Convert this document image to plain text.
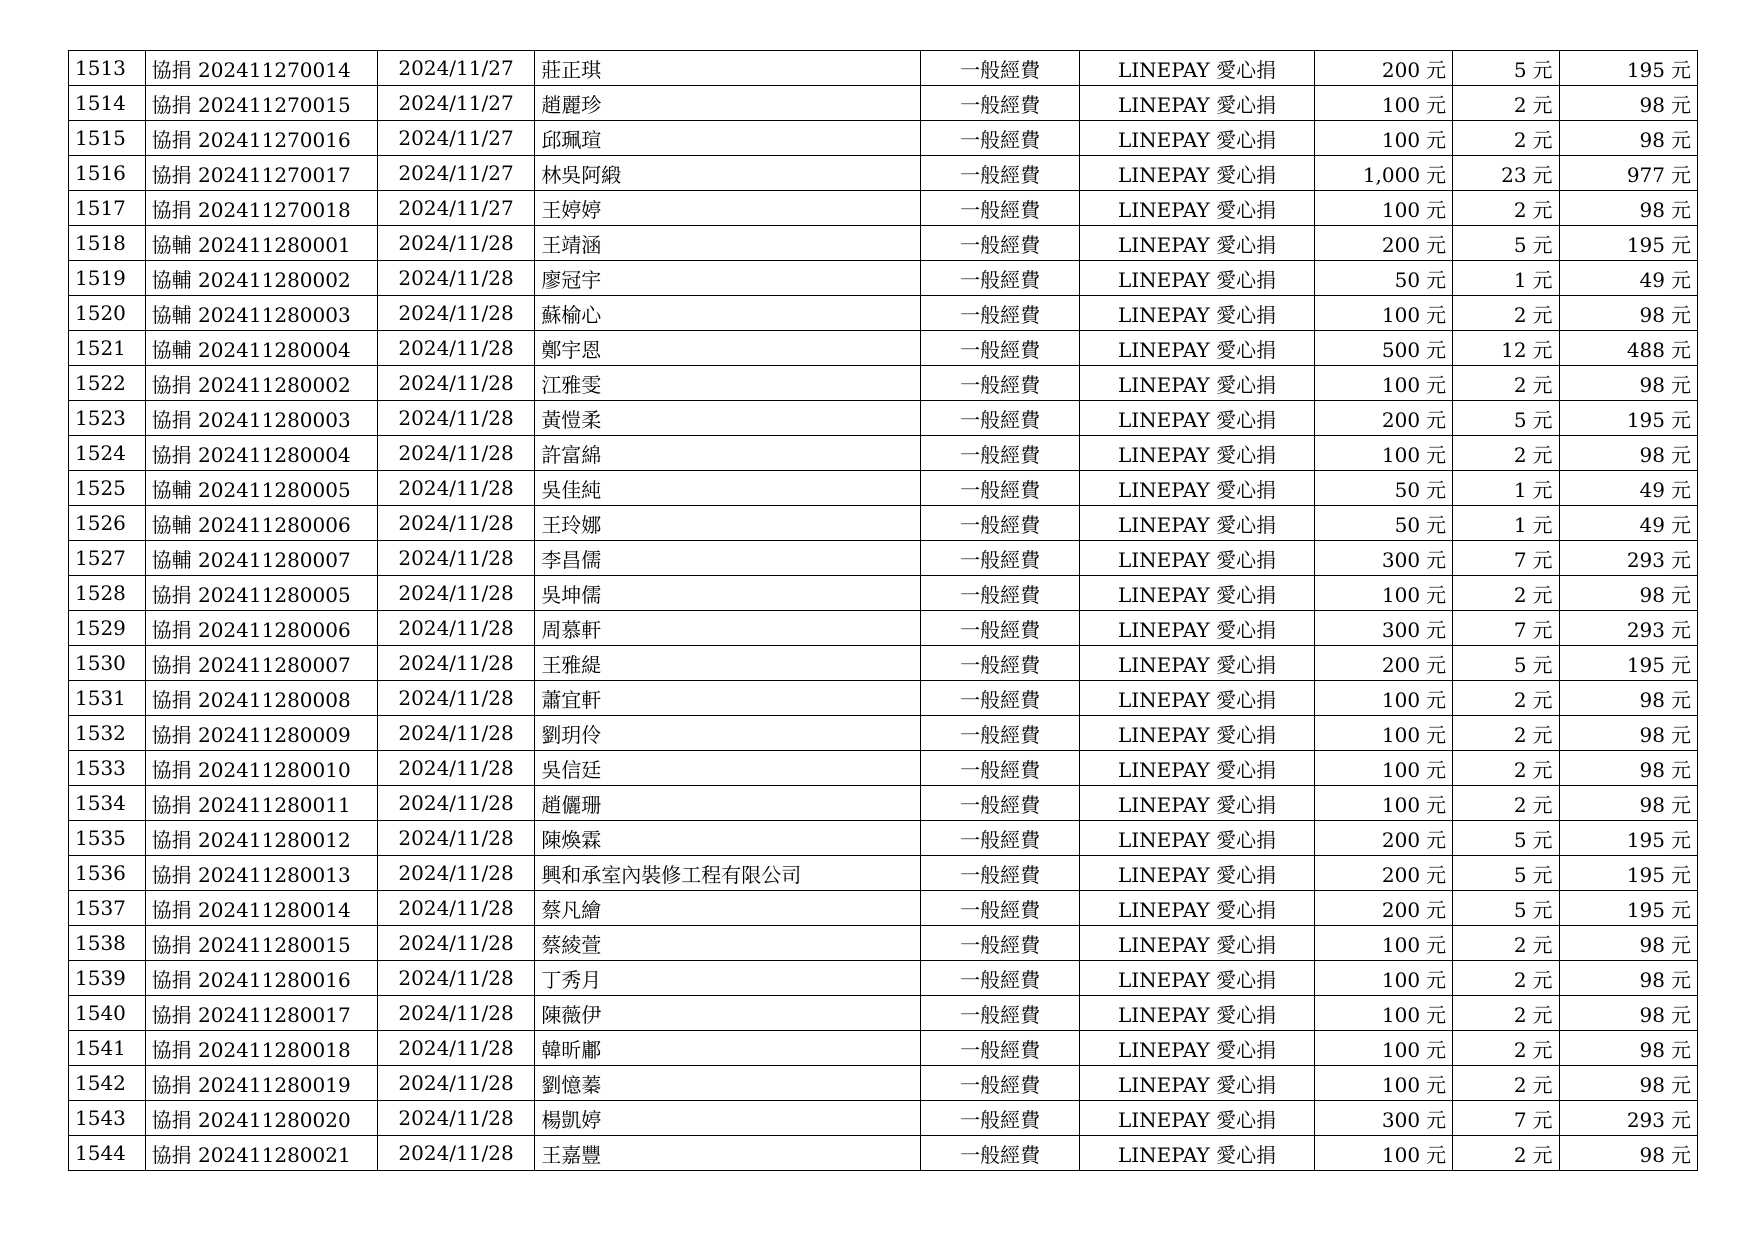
1513	協捐 202411270014	2024/11/27	莊正琪	一般經費	LINEPAY 愛心捐	200 元	5 元	195 元
1514	協捐 202411270015	2024/11/27	趙麗珍	一般經費	LINEPAY 愛心捐	100 元	2 元	98 元
1515	協捐 202411270016	2024/11/27	邱珮瑄	一般經費	LINEPAY 愛心捐	100 元	2 元	98 元
1516	協捐 202411270017	2024/11/27	林吳阿緞	一般經費	LINEPAY 愛心捐	1,000 元	23 元	977 元
1517	協捐 202411270018	2024/11/27	王婷婷	一般經費	LINEPAY 愛心捐	100 元	2 元	98 元
1518	協輔 202411280001	2024/11/28	王靖涵	一般經費	LINEPAY 愛心捐	200 元	5 元	195 元
1519	協輔 202411280002	2024/11/28	廖冠宇	一般經費	LINEPAY 愛心捐	50 元	1 元	49 元
1520	協輔 202411280003	2024/11/28	蘇榆心	一般經費	LINEPAY 愛心捐	100 元	2 元	98 元
1521	協輔 202411280004	2024/11/28	鄭宇恩	一般經費	LINEPAY 愛心捐	500 元	12 元	488 元
1522	協捐 202411280002	2024/11/28	江雅雯	一般經費	LINEPAY 愛心捐	100 元	2 元	98 元
1523	協捐 202411280003	2024/11/28	黃愷柔	一般經費	LINEPAY 愛心捐	200 元	5 元	195 元
1524	協捐 202411280004	2024/11/28	許富綿	一般經費	LINEPAY 愛心捐	100 元	2 元	98 元
1525	協輔 202411280005	2024/11/28	吳佳純	一般經費	LINEPAY 愛心捐	50 元	1 元	49 元
1526	協輔 202411280006	2024/11/28	王玲娜	一般經費	LINEPAY 愛心捐	50 元	1 元	49 元
1527	協輔 202411280007	2024/11/28	李昌儒	一般經費	LINEPAY 愛心捐	300 元	7 元	293 元
1528	協捐 202411280005	2024/11/28	吳坤儒	一般經費	LINEPAY 愛心捐	100 元	2 元	98 元
1529	協捐 202411280006	2024/11/28	周慕軒	一般經費	LINEPAY 愛心捐	300 元	7 元	293 元
1530	協捐 202411280007	2024/11/28	王雅緹	一般經費	LINEPAY 愛心捐	200 元	5 元	195 元
1531	協捐 202411280008	2024/11/28	蕭宜軒	一般經費	LINEPAY 愛心捐	100 元	2 元	98 元
1532	協捐 202411280009	2024/11/28	劉玥伶	一般經費	LINEPAY 愛心捐	100 元	2 元	98 元
1533	協捐 202411280010	2024/11/28	吳信廷	一般經費	LINEPAY 愛心捐	100 元	2 元	98 元
1534	協捐 202411280011	2024/11/28	趙儷珊	一般經費	LINEPAY 愛心捐	100 元	2 元	98 元
1535	協捐 202411280012	2024/11/28	陳煥霖	一般經費	LINEPAY 愛心捐	200 元	5 元	195 元
1536	協捐 202411280013	2024/11/28	興和承室內裝修工程有限公司	一般經費	LINEPAY 愛心捐	200 元	5 元	195 元
1537	協捐 202411280014	2024/11/28	蔡凡繪	一般經費	LINEPAY 愛心捐	200 元	5 元	195 元
1538	協捐 202411280015	2024/11/28	蔡綾萱	一般經費	LINEPAY 愛心捐	100 元	2 元	98 元
1539	協捐 202411280016	2024/11/28	丁秀月	一般經費	LINEPAY 愛心捐	100 元	2 元	98 元
1540	協捐 202411280017	2024/11/28	陳薇伊	一般經費	LINEPAY 愛心捐	100 元	2 元	98 元
1541	協捐 202411280018	2024/11/28	韓昕鄘	一般經費	LINEPAY 愛心捐	100 元	2 元	98 元
1542	協捐 202411280019	2024/11/28	劉憶蓁	一般經費	LINEPAY 愛心捐	100 元	2 元	98 元
1543	協捐 202411280020	2024/11/28	楊凱婷	一般經費	LINEPAY 愛心捐	300 元	7 元	293 元
1544	協捐 202411280021	2024/11/28	王嘉豐	一般經費	LINEPAY 愛心捐	100 元	2 元	98 元
